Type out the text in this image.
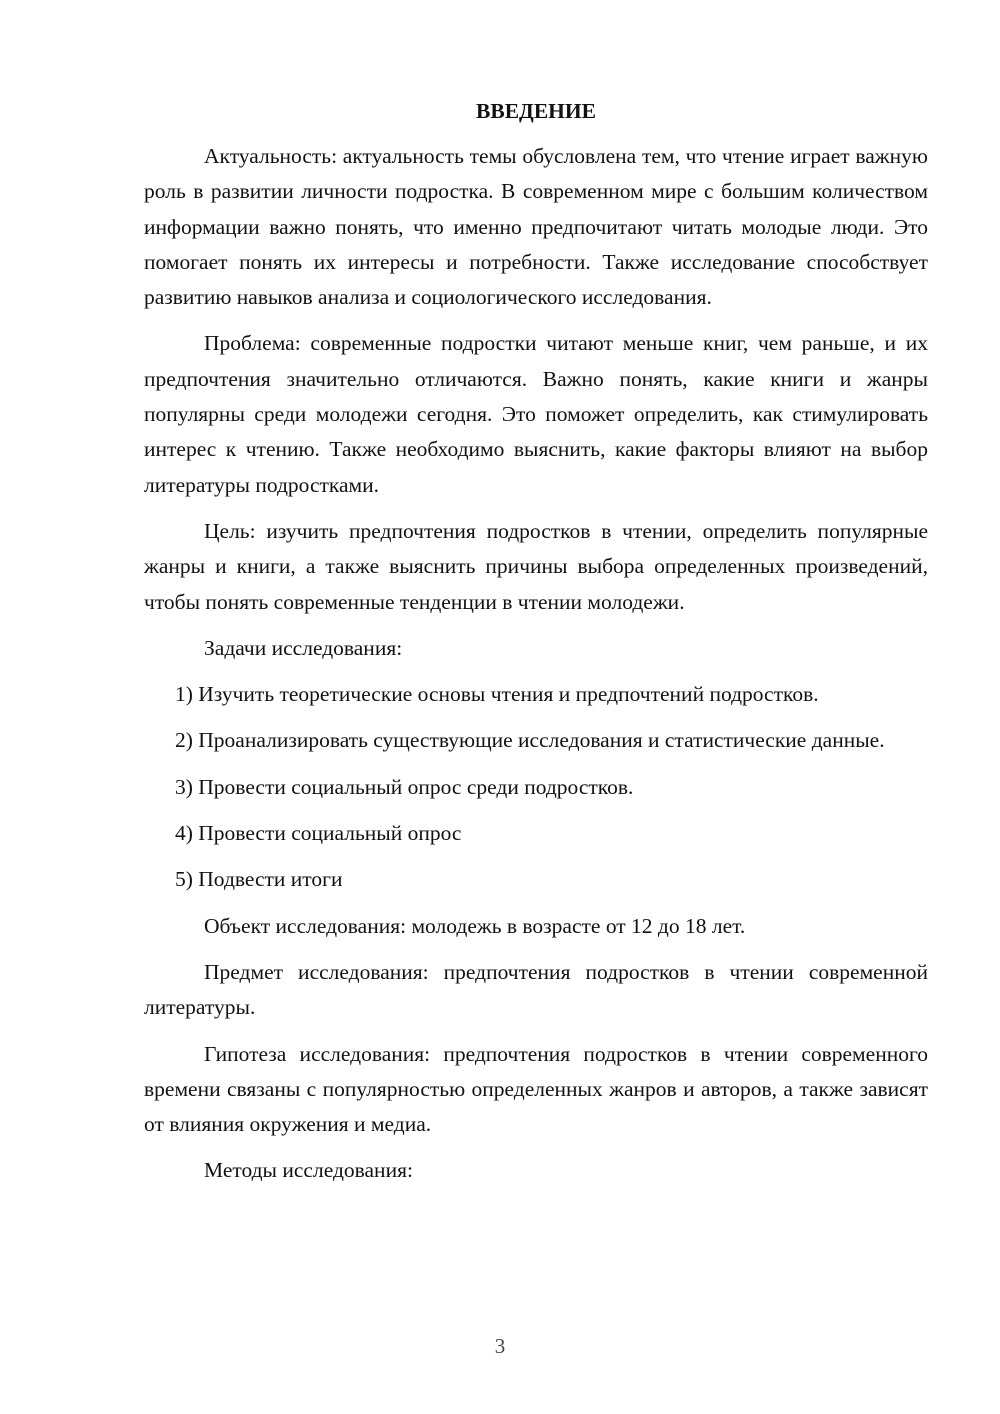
ВВЕДЕНИЕ

Актуальность: актуальность темы обусловлена тем, что чтение играет важную роль в развитии личности подростка. В современном мире с большим количеством информации важно понять, что именно предпочитают читать молодые люди. Это помогает понять их интересы и потребности. Также исследование способствует развитию навыков анализа и социологического исследования.

Проблема: современные подростки читают меньше книг, чем раньше, и их предпочтения значительно отличаются. Важно понять, какие книги и жанры популярны среди молодежи сегодня. Это поможет определить, как стимулировать интерес к чтению. Также необходимо выяснить, какие факторы влияют на выбор литературы подростками.

Цель: изучить предпочтения подростков в чтении, определить популярные жанры и книги, а также выяснить причины выбора определенных произведений, чтобы понять современные тенденции в чтении молодежи.

Задачи исследования:

1) Изучить теоретические основы чтения и предпочтений подростков.

2) Проанализировать существующие исследования и статистические данные.

3) Провести социальный опрос среди подростков.

4) Провести социальный опрос

5) Подвести итоги

Объект исследования: молодежь в возрасте от 12 до 18 лет.

Предмет исследования: предпочтения подростков в чтении современной литературы.

Гипотеза исследования: предпочтения подростков в чтении современного времени связаны с популярностью определенных жанров и авторов, а также зависят от влияния окружения и медиа.

Методы исследования:

3
